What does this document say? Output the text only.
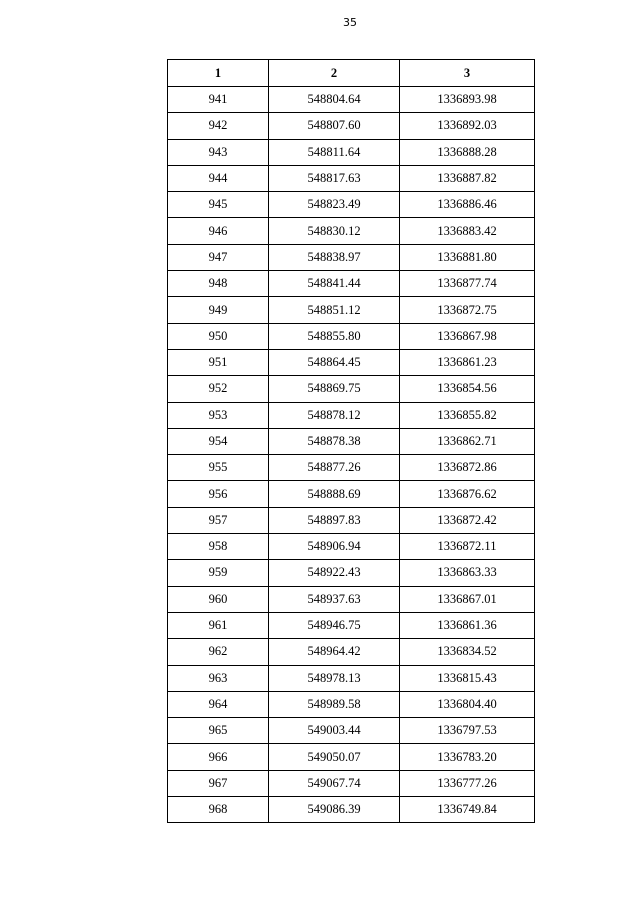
35
1	2	3
941	548804.64	1336893.98
942	548807.60	1336892.03
943	548811.64	1336888.28
944	548817.63	1336887.82
945	548823.49	1336886.46
946	548830.12	1336883.42
947	548838.97	1336881.80
948	548841.44	1336877.74
949	548851.12	1336872.75
950	548855.80	1336867.98
951	548864.45	1336861.23
952	548869.75	1336854.56
953	548878.12	1336855.82
954	548878.38	1336862.71
955	548877.26	1336872.86
956	548888.69	1336876.62
957	548897.83	1336872.42
958	548906.94	1336872.11
959	548922.43	1336863.33
960	548937.63	1336867.01
961	548946.75	1336861.36
962	548964.42	1336834.52
963	548978.13	1336815.43
964	548989.58	1336804.40
965	549003.44	1336797.53
966	549050.07	1336783.20
967	549067.74	1336777.26
968	549086.39	1336749.84
